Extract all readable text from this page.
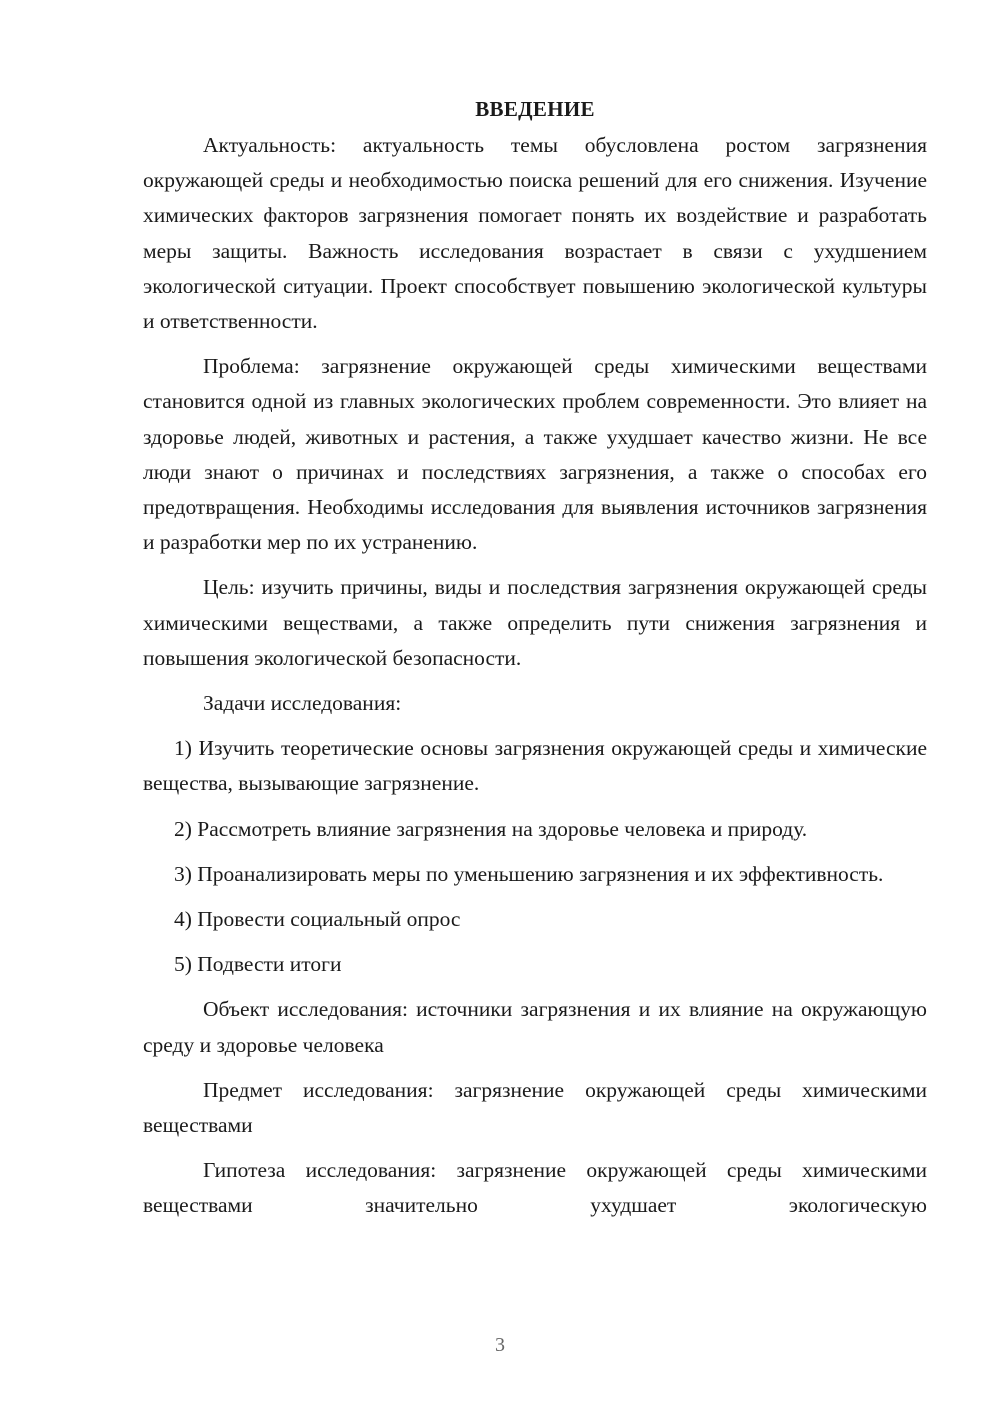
ВВЕДЕНИЕ

Актуальность: актуальность темы обусловлена ростом загрязнения окружающей среды и необходимостью поиска решений для его снижения. Изучение химических факторов загрязнения помогает понять их воздействие и разработать меры защиты. Важность исследования возрастает в связи с ухудшением экологической ситуации. Проект способствует повышению экологической культуры и ответственности.

Проблема: загрязнение окружающей среды химическими веществами становится одной из главных экологических проблем современности. Это влияет на здоровье людей, животных и растения, а также ухудшает качество жизни. Не все люди знают о причинах и последствиях загрязнения, а также о способах его предотвращения. Необходимы исследования для выявления источников загрязнения и разработки мер по их устранению.

Цель: изучить причины, виды и последствия загрязнения окружающей среды химическими веществами, а также определить пути снижения загрязнения и повышения экологической безопасности.

Задачи исследования:

1) Изучить теоретические основы загрязнения окружающей среды и химические вещества, вызывающие загрязнение.

2) Рассмотреть влияние загрязнения на здоровье человека и природу.

3) Проанализировать меры по уменьшению загрязнения и их эффективность.

4) Провести социальный опрос

5) Подвести итоги

Объект исследования: источники загрязнения и их влияние на окружающую среду и здоровье человека

Предмет исследования: загрязнение окружающей среды химическими веществами

Гипотеза исследования: загрязнение окружающей среды химическими веществами значительно ухудшает экологическую

3
